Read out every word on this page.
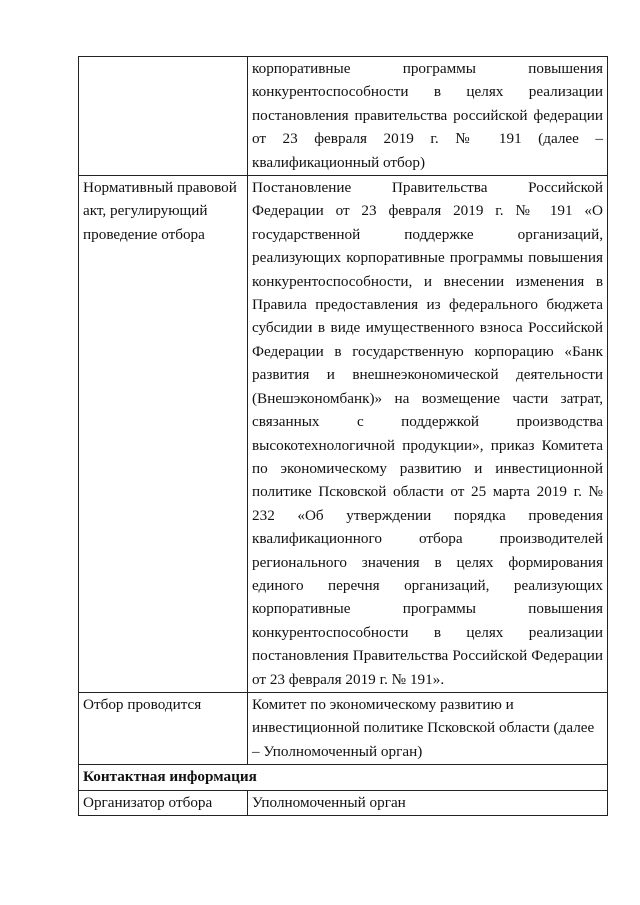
	корпоративные программы повышения конкурентоспособности в целях реализации постановления правительства российской федерации от 23 февраля 2019 г. № 191 (далее – квалификационный отбор)
Нормативный правовой акт, регулирующий проведение отбора	Постановление Правительства Российской Федерации от 23 февраля 2019 г. № 191 «О государственной поддержке организаций, реализующих корпоративные программы повышения конкурентоспособности, и внесении изменения в Правила предоставления из федерального бюджета субсидии в виде имущественного взноса Российской Федерации в государственную корпорацию «Банк развития и внешнеэкономической деятельности (Внешэкономбанк)» на возмещение части затрат, связанных с поддержкой производства высокотехнологичной продукции», приказ Комитета по экономическому развитию и инвестиционной политике Псковской области от 25 марта 2019 г. № 232 «Об утверждении порядка проведения квалификационного отбора производителей регионального значения в целях формирования единого перечня организаций, реализующих корпоративные программы повышения конкурентоспособности в целях реализации постановления Правительства Российской Федерации от 23 февраля 2019 г. № 191».
Отбор проводится	Комитет по экономическому развитию и инвестиционной политике Псковской области (далее – Уполномоченный орган)
Контактная информация	
Организатор отбора	Уполномоченный орган
